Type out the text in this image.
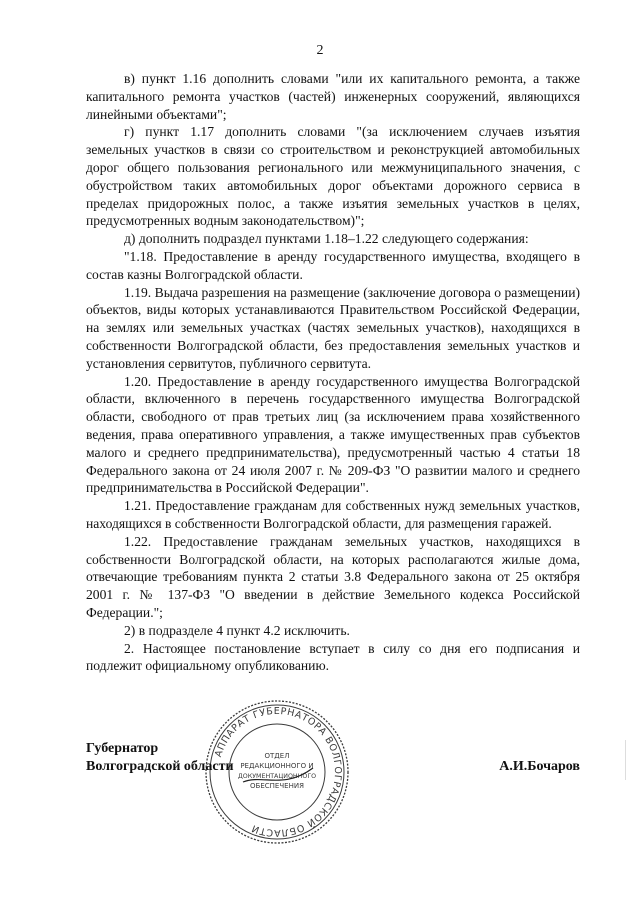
2

в) пункт 1.16 дополнить словами "или их капитального ремонта, а также капитального ремонта участков (частей) инженерных сооружений, являющихся линейными объектами";

г) пункт 1.17 дополнить словами "(за исключением случаев изъятия земельных участков в связи со строительством и реконструкцией автомобильных дорог общего пользования регионального или межмуниципального значения, с обустройством таких автомобильных дорог объектами дорожного сервиса в пределах придорожных полос, а также изъятия земельных участков в целях, предусмотренных водным законодательством)";

д) дополнить подраздел пунктами 1.18–1.22 следующего содержания:

"1.18. Предоставление в аренду государственного имущества, входящего в состав казны Волгоградской области.

1.19. Выдача разрешения на размещение (заключение договора о размещении) объектов, виды которых устанавливаются Правительством Российской Федерации, на землях или земельных участках (частях земельных участков), находящихся в собственности Волгоградской области, без предоставления земельных участков и установления сервитутов, публичного сервитута.

1.20. Предоставление в аренду государственного имущества Волгоградской области, включенного в перечень государственного имущества Волгоградской области, свободного от прав третьих лиц (за исключением права хозяйственного ведения, права оперативного управления, а также имущественных прав субъектов малого и среднего предпринимательства), предусмотренный частью 4 статьи 18 Федерального закона от 24 июля 2007 г. № 209-ФЗ "О развитии малого и среднего предпринимательства в Российской Федерации".

1.21. Предоставление гражданам для собственных нужд земельных участков, находящихся в собственности Волгоградской области, для размещения гаражей.

1.22. Предоставление гражданам земельных участков, находящихся в собственности Волгоградской области, на которых располагаются жилые дома, отвечающие требованиям пункта 2 статьи 3.8 Федерального закона от 25 октября 2001 г. № 137-ФЗ "О введении в действие Земельного кодекса Российской Федерации.";

2) в подразделе 4 пункт 4.2 исключить.

2. Настоящее постановление вступает в силу со дня его подписания и подлежит официальному опубликованию.

АППАРАТ ГУБЕРНАТОРА ВОЛГОГРАДСКОЙ ОБЛАСТИ
ОТДЕЛ
РЕДАКЦИОННОГО И
ДОКУМЕНТАЦИОННОГО
ОБЕСПЕЧЕНИЯ
Губернатор
Волгоградской области	А.И.Бочаров
